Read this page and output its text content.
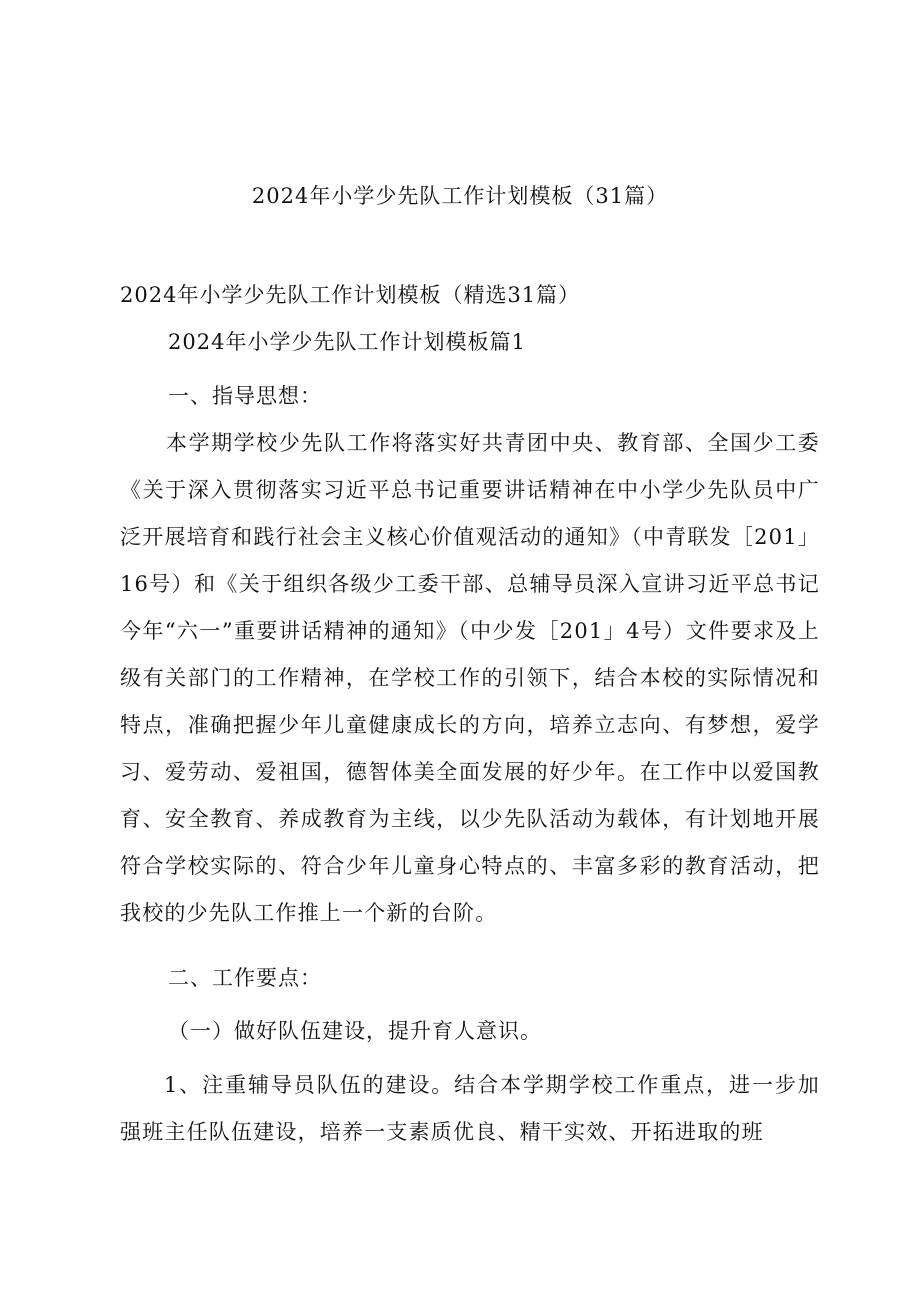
2024年小学少先队工作计划模板（31篇）
2024年小学少先队工作计划模板（精选31篇）
2024年小学少先队工作计划模板篇1
一、指导思想：
本学期学校少先队工作将落实好共青团中央、教育部、全国少工委《关于深入贯彻落实习近平总书记重要讲话精神在中小学少先队员中广泛开展培育和践行社会主义核心价值观活动的通知》（中青联发［201」16号）和《关于组织各级少工委干部、总辅导员深入宣讲习近平总书记今年“六一”重要讲话精神的通知》（中少发［201」4号）文件要求及上级有关部门的工作精神，在学校工作的引领下，结合本校的实际情况和特点，准确把握少年儿童健康成长的方向，培养立志向、有梦想，爱学习、爱劳动、爱祖国，德智体美全面发展的好少年。在工作中以爱国教育、安全教育、养成教育为主线，以少先队活动为载体，有计划地开展符合学校实际的、符合少年儿童身心特点的、丰富多彩的教育活动，把我校的少先队工作推上一个新的台阶。
二、工作要点：
（一）做好队伍建设，提升育人意识。
1、注重辅导员队伍的建设。结合本学期学校工作重点，进一步加强班主任队伍建设，培养一支素质优良、精干实效、开拓进取的班
